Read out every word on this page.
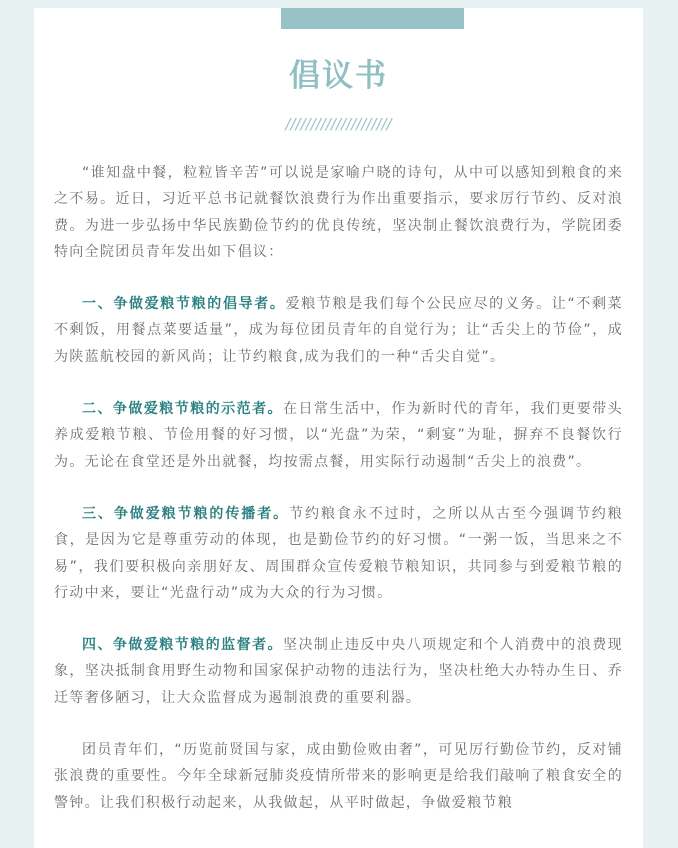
倡议书
/////////////////////

“谁知盘中餐，粒粒皆辛苦”可以说是家喻户晓的诗句，从中可以感知到粮食的来之不易。近日，习近平总书记就餐饮浪费行为作出重要指示，要求厉行节约、反对浪费。为进一步弘扬中华民族勤俭节约的优良传统，坚决制止餐饮浪费行为，学院团委特向全院团员青年发出如下倡议：

一、争做爱粮节粮的倡导者。爱粮节粮是我们每个公民应尽的义务。让“不剩菜不剩饭，用餐点菜要适量”，成为每位团员青年的自觉行为；让“舌尖上的节俭”，成为陕蓝航校园的新风尚；让节约粮食,成为我们的一种“舌尖自觉”。

二、争做爱粮节粮的示范者。在日常生活中，作为新时代的青年，我们更要带头养成爱粮节粮、节俭用餐的好习惯，以“光盘”为荣，“剩宴”为耻，摒弃不良餐饮行为。无论在食堂还是外出就餐，均按需点餐，用实际行动遏制“舌尖上的浪费”。

三、争做爱粮节粮的传播者。节约粮食永不过时，之所以从古至今强调节约粮食，是因为它是尊重劳动的体现，也是勤俭节约的好习惯。“一粥一饭，当思来之不易”，我们要积极向亲朋好友、周围群众宣传爱粮节粮知识，共同参与到爱粮节粮的行动中来，要让“光盘行动”成为大众的行为习惯。

四、争做爱粮节粮的监督者。坚决制止违反中央八项规定和个人消费中的浪费现象，坚决抵制食用野生动物和国家保护动物的违法行为，坚决杜绝大办特办生日、乔迁等奢侈陋习，让大众监督成为遏制浪费的重要利器。

团员青年们，“历览前贤国与家，成由勤俭败由奢”，可见厉行勤俭节约，反对铺张浪费的重要性。今年全球新冠肺炎疫情所带来的影响更是给我们敲响了粮食安全的警钟。让我们积极行动起来，从我做起，从平时做起，争做爱粮节粮
